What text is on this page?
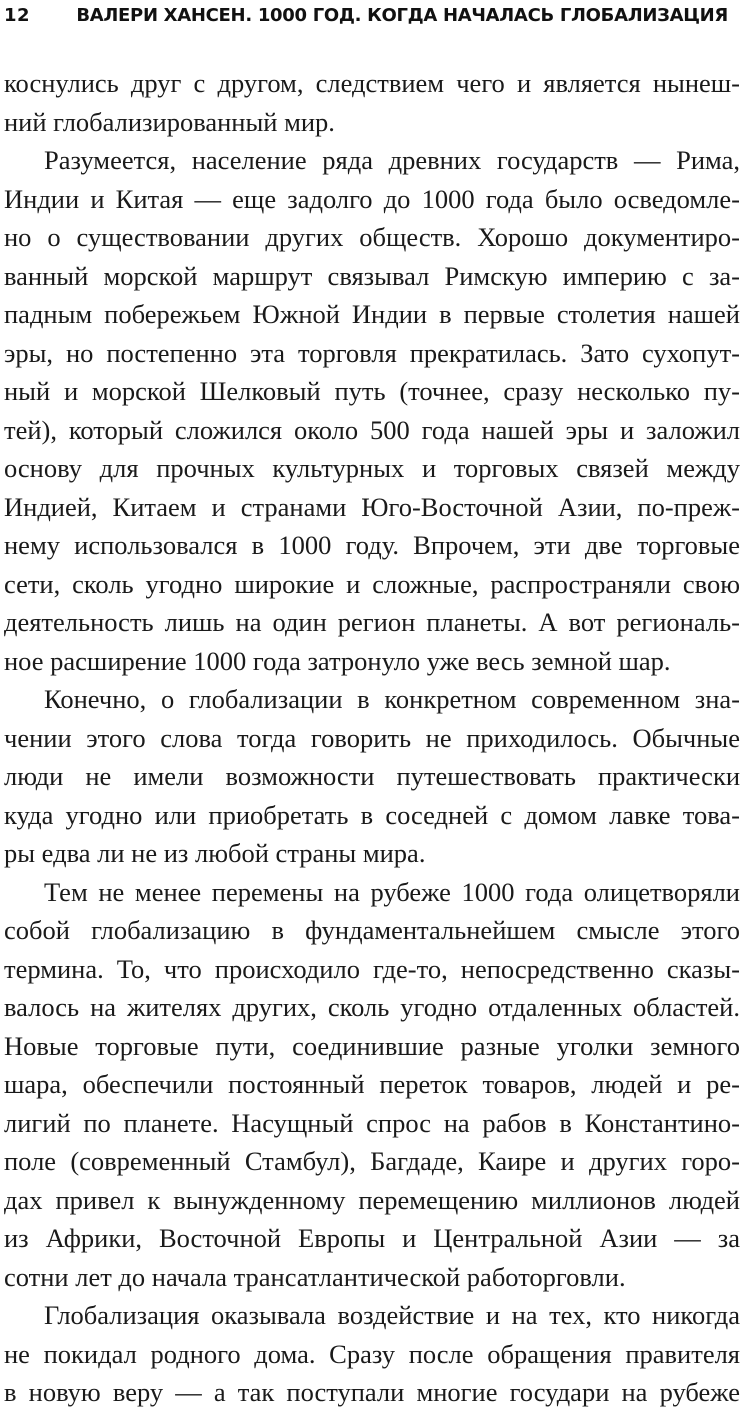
12	ВАЛЕРИ ХАНСЕН. 1000 ГОД. КОГДА НАЧАЛАСЬ ГЛОБАЛИЗАЦИЯ
коснулись друг с другом, следствием чего и является нынеш-
ний глобализированный мир.
Разумеется, население ряда древних государств — Рима,
Индии и Китая — еще задолго до 1000 года было осведомле-
но о существовании других обществ. Хорошо документиро-
ванный морской маршрут связывал Римскую империю с за-
падным побережьем Южной Индии в первые столетия нашей
эры, но постепенно эта торговля прекратилась. Зато сухопут-
ный и морской Шелковый путь (точнее, сразу несколько пу-
тей), который сложился около 500 года нашей эры и заложил
основу для прочных культурных и торговых связей между
Индией, Китаем и странами Юго-Восточной Азии, по-преж-
нему использовался в 1000 году. Впрочем, эти две торговые
сети, сколь угодно широкие и сложные, распространяли свою
деятельность лишь на один регион планеты. А вот региональ-
ное расширение 1000 года затронуло уже весь земной шар.
Конечно, о глобализации в конкретном современном зна-
чении этого слова тогда говорить не приходилось. Обычные
люди не имели возможности путешествовать практически
куда угодно или приобретать в соседней с домом лавке това-
ры едва ли не из любой страны мира.
Тем не менее перемены на рубеже 1000 года олицетворяли
собой глобализацию в фундаментальнейшем смысле этого
термина. То, что происходило где-то, непосредственно сказы-
валось на жителях других, сколь угодно отдаленных областей.
Новые торговые пути, соединившие разные уголки земного
шара, обеспечили постоянный переток товаров, людей и ре-
лигий по планете. Насущный спрос на рабов в Константино-
поле (современный Стамбул), Багдаде, Каире и других горо-
дах привел к вынужденному перемещению миллионов людей
из Африки, Восточной Европы и Центральной Азии — за
сотни лет до начала трансатлантической работорговли.
Глобализация оказывала воздействие и на тех, кто никогда
не покидал родного дома. Сразу после обращения правителя
в новую веру — а так поступали многие государи на рубеже
